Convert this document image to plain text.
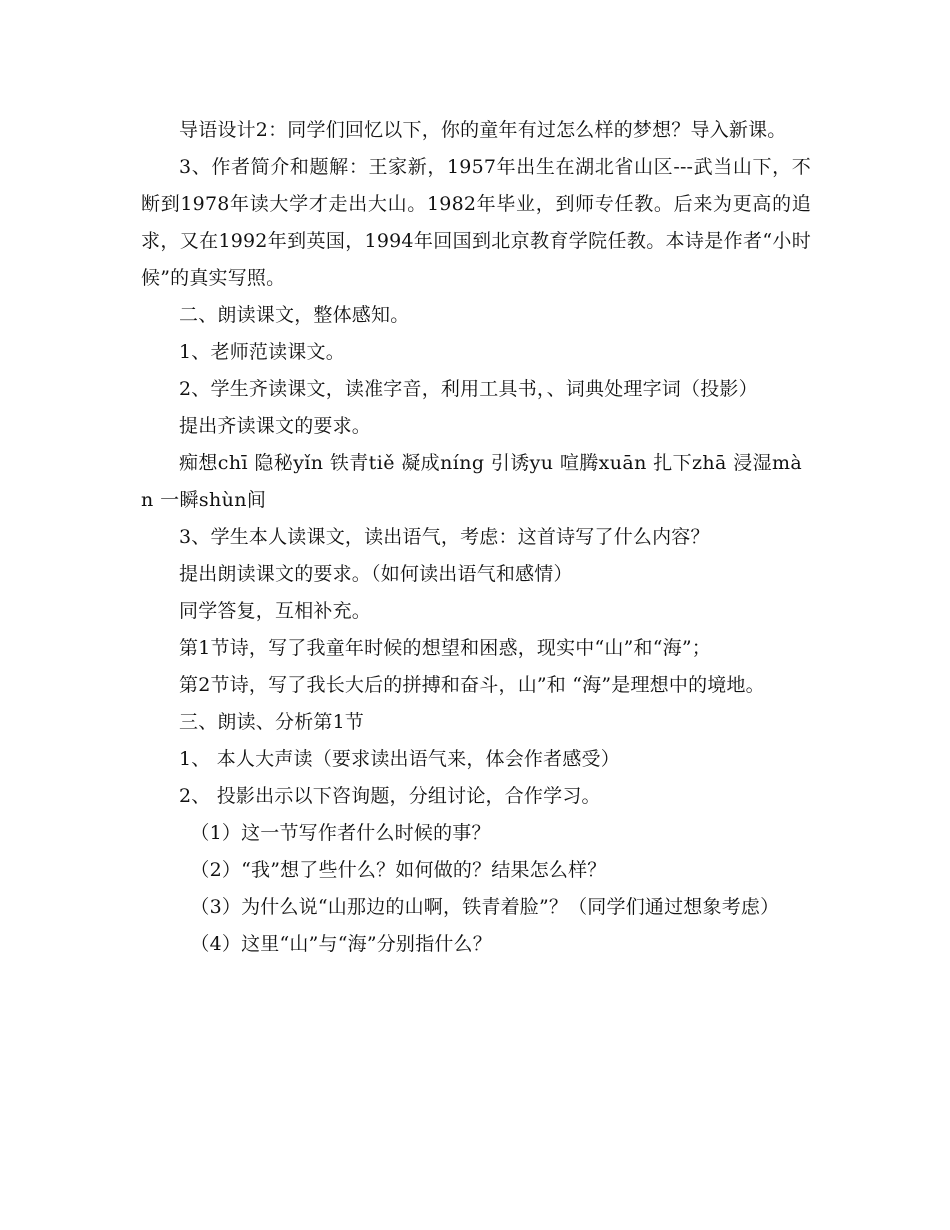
导语设计2：同学们回忆以下，你的童年有过怎么样的梦想？导入新课。

3、作者简介和题解：王家新，1957年出生在湖北省山区---武当山下，不断到1978年读大学才走出大山。1982年毕业，到师专任教。后来为更高的追求，又在1992年到英国，1994年回国到北京教育学院任教。本诗是作者“小时候”的真实写照。

二、朗读课文，整体感知。

1、老师范读课文。

2、学生齐读课文，读准字音，利用工具书，、词典处理字词（投影）

提出齐读课文的要求。

痴想chī 隐秘yǐn 铁青tiě 凝成níng 引诱yu 喧腾xuān 扎下zhā 浸湿màn 一瞬shùn间

3、学生本人读课文，读出语气，考虑：这首诗写了什么内容？

提出朗读课文的要求。（如何读出语气和感情）

同学答复，互相补充。

第1节诗，写了我童年时候的想望和困惑，现实中“山”和“海”；

第2节诗，写了我长大后的拼搏和奋斗，山”和 “海”是理想中的境地。

三、朗读、分析第1节

1、 本人大声读（要求读出语气来，体会作者感受）

2、 投影出示以下咨询题，分组讨论，合作学习。

（1）这一节写作者什么时候的事？

（2）“我”想了些什么？如何做的？结果怎么样？

（3）为什么说“山那边的山啊，铁青着脸”？（同学们通过想象考虑）

（4）这里“山”与“海”分别指什么？
